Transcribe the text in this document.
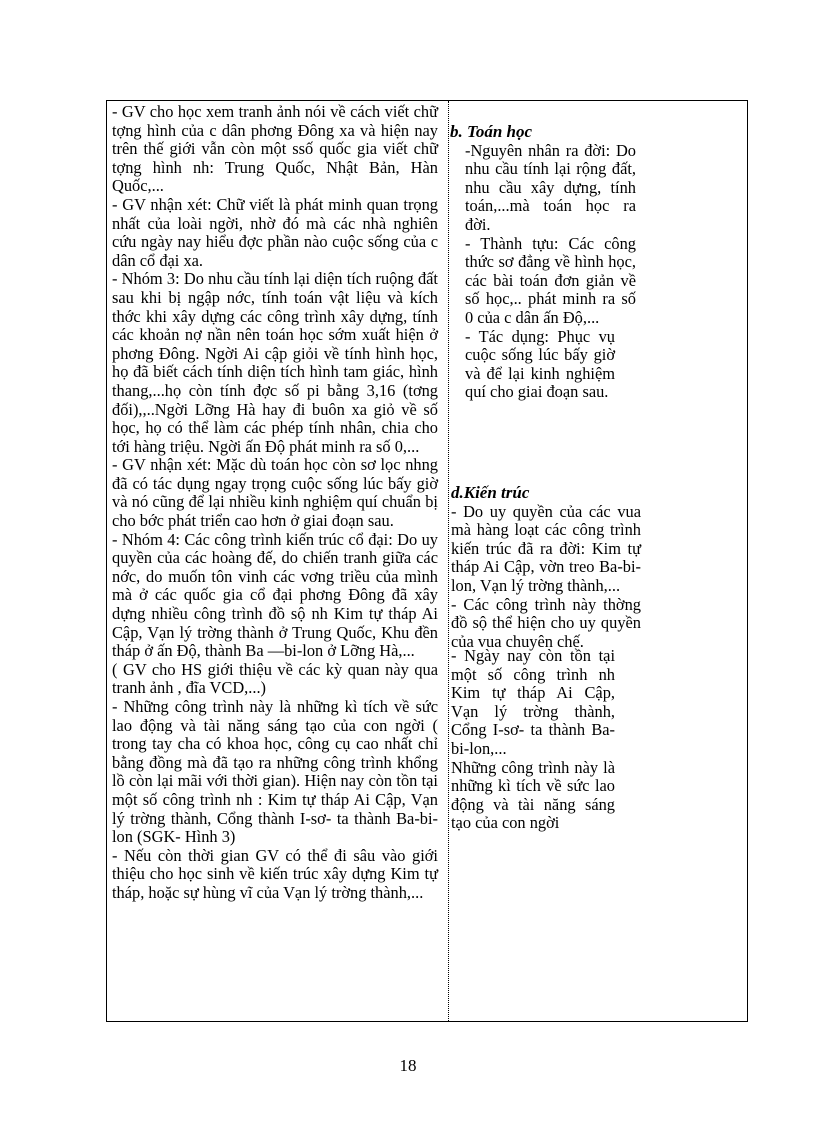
- GV cho học xem tranh ảnh nói về cách viết chữ tợng hình của c dân phơng Đông xa và hiện nay trên thế giới vẫn còn một ssố quốc gia viết chữ tợng hình nh: Trung Quốc, Nhật Bản, Hàn Quốc,...

- GV nhận xét: Chữ viết là phát minh quan trọng nhất của loài ngời, nhờ đó mà các nhà nghiên cứu ngày nay hiểu đợc phần nào cuộc sống của c dân cổ đại xa.

- Nhóm 3: Do nhu cầu tính lại diện tích ruộng đất sau khi bị ngập nớc, tính toán vật liệu và kích thớc khi xây dựng các công trình xây dựng, tính các khoản nợ nần nên toán học sớm xuất hiện ở phơng Đông. Ngời Ai cập giỏi về tính hình học, họ đã biết cách tính diện tích hình tam giác, hình thang,...họ còn tính đợc số pi bằng 3,16 (tơng đối),,..Ngời Lỡng Hà hay đi buôn xa giỏ về số học, họ có thể làm các phép tính nhân, chia cho tới hàng triệu. Ngời ấn Độ phát minh ra số 0,...

- GV nhận xét: Mặc dù toán học còn sơ lọc nhng đã có tác dụng ngay trọng cuộc sống lúc bấy giờ và nó cũng để lại nhiều kinh nghiệm quí chuẩn bị cho bớc phát triển cao hơn ở giai đoạn sau.

- Nhóm 4: Các công trình kiến trúc cổ đại: Do uy quyền của các hoàng đế, do chiến tranh giữa các nớc, do muốn tôn vinh các vơng triều của mình mà ở các quốc gia cổ đại phơng Đông đã xây dựng nhiều công trình đồ sộ nh Kim tự tháp Ai Cập, Vạn lý trờng thành ở Trung Quốc, Khu đền tháp ở ấn Độ, thành Ba —bi-lon ở Lỡng Hà,...

( GV cho HS giới thiệu về các kỳ quan này qua tranh ảnh , đĩa VCD,...)

- Những công trình này là những kì tích về sức lao động và tài năng sáng tạo của con ngời ( trong tay cha có khoa học, công cụ cao nhất chỉ bằng đồng mà đã tạo ra những công trình khổng lồ còn lại mãi với thời gian). Hiện nay còn tồn tại một số công trình nh : Kim tự tháp Ai Cập, Vạn lý trờng thành, Cổng thành I-sơ- ta thành Ba-bi-lon (SGK- Hình 3)

- Nếu còn thời gian GV có thể đi sâu vào giới thiệu cho học sinh về kiến trúc xây dựng Kim tự tháp, hoặc sự hùng vĩ của Vạn lý trờng thành,...

b. Toán học

-Nguyên nhân ra đời: Do nhu cầu tính lại rộng đất, nhu cầu xây dựng, tính toán,...mà toán học ra đời.

- Thành tựu: Các công thức sơ đẳng về hình học, các bài toán đơn giản về số học,.. phát minh ra số 0 của c dân ấn Độ,...

- Tác dụng: Phục vụ cuộc sống lúc bấy giờ và để lại kinh nghiệm quí cho giai đoạn sau.

d.Kiến trúc

- Do uy quyền của các vua mà hàng loạt các công trình kiến trúc đã ra đời: Kim tự tháp Ai Cập, vờn treo Ba-bi-lon, Vạn lý trờng thành,...

- Các công trình này thờng đồ sộ thể hiện cho uy quyền của vua chuyên chế.

- Ngày nay còn tồn tại một số công trình nh Kim tự tháp Ai Cập, Vạn lý trờng thành, Cổng I-sơ- ta thành Ba-bi-lon,...

Những công trình này là những kì tích về sức lao động và tài năng sáng tạo của con ngời

18
